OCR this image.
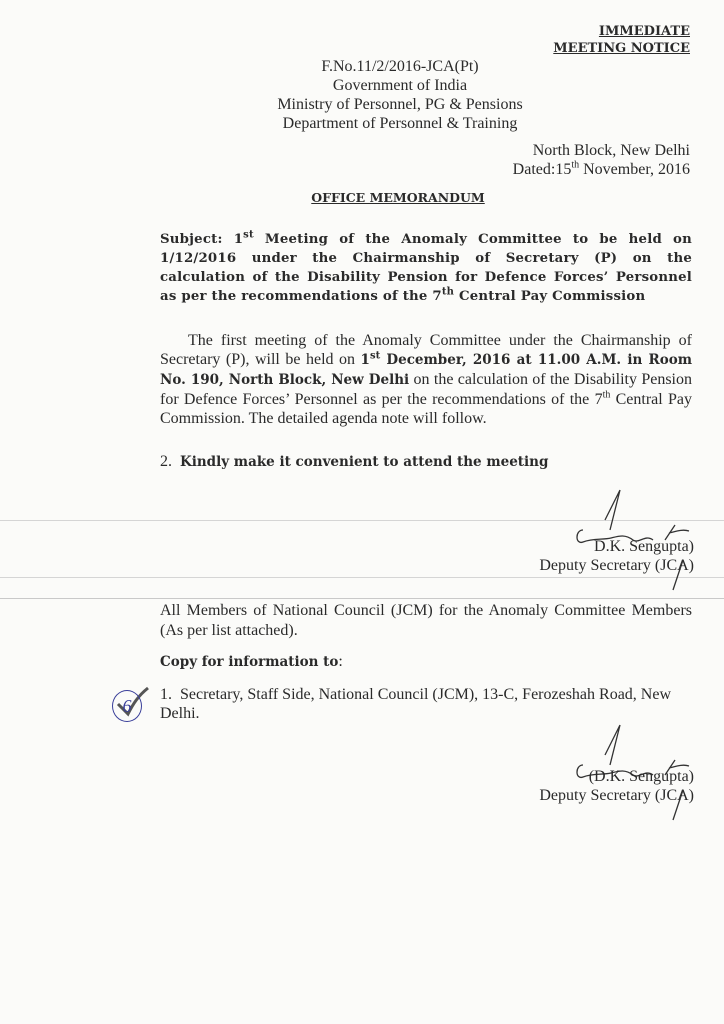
IMMEDIATE
MEETING NOTICE
F.No.11/2/2016-JCA(Pt)
Government of India
Ministry of Personnel, PG & Pensions
Department of Personnel & Training
North Block, New Delhi
Dated:15th November, 2016
OFFICE MEMORANDUM
Subject: 1st Meeting of the Anomaly Committee to be held on 1/12/2016 under the Chairmanship of Secretary (P) on the calculation of the Disability Pension for Defence Forces’ Personnel as per the recommendations of the 7th Central Pay Commission
The first meeting of the Anomaly Committee under the Chairmanship of Secretary (P), will be held on 1st December, 2016 at 11.00 A.M. in Room No. 190, North Block, New Delhi on the calculation of the Disability Pension for Defence Forces’ Personnel as per the recommendations of the 7th Central Pay Commission. The detailed agenda note will follow.
2. Kindly make it convenient to attend the meeting
D.K. Sengupta)
Deputy Secretary (JCA)
All Members of National Council (JCM) for the Anomaly Committee Members (As per list attached).
Copy for information to:
1. Secretary, Staff Side, National Council (JCM), 13-C, Ferozeshah Road, New Delhi.
6
(D.K. Sengupta)
Deputy Secretary (JCA)
